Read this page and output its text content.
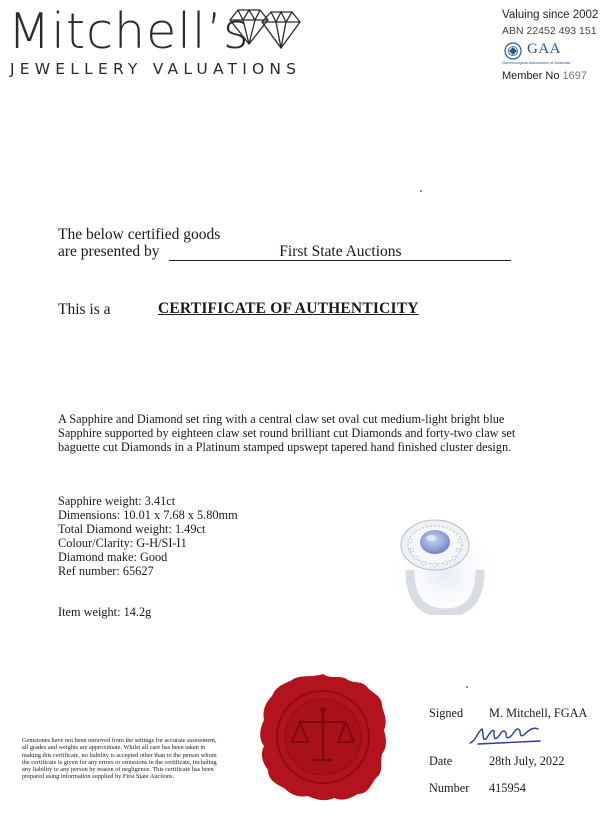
Mitchell’s
JEWELLERY VALUATIONS
Valuing since 2002
ABN 22452 493 151
GAA
Gemmological Association of Australia
Member No 1697
The below certified goods
are presented by	First State Auctions
This is a	CERTIFICATE OF AUTHENTICITY
A Sapphire and Diamond set ring with a central claw set oval cut medium-light bright blue Sapphire supported by eighteen claw set round brilliant cut Diamonds and forty-two claw set baguette cut Diamonds in a Platinum stamped upswept tapered hand finished cluster design.
Sapphire weight: 3.41ct
Dimensions: 10.01 x 7.68 x 5.80mm
Total Diamond weight: 1.49ct
Colour/Clarity: G-H/SI-I1
Diamond make: Good
Ref number: 65627
Item weight: 14.2g
Gemstones have not been removed from the settings for accurate assessment, all grades and weights are approximate. Whilst all care has been taken in making this certificate, no liability is accepted other than to the person whom the certificate is given for any errors or omissions in the certificate, including any liability to any person by reason of negligence. This certificate has been prepared using information supplied by First State Auctions.
Signed M. Mitchell, FGAA
Date	28th July, 2022
Number 415954
